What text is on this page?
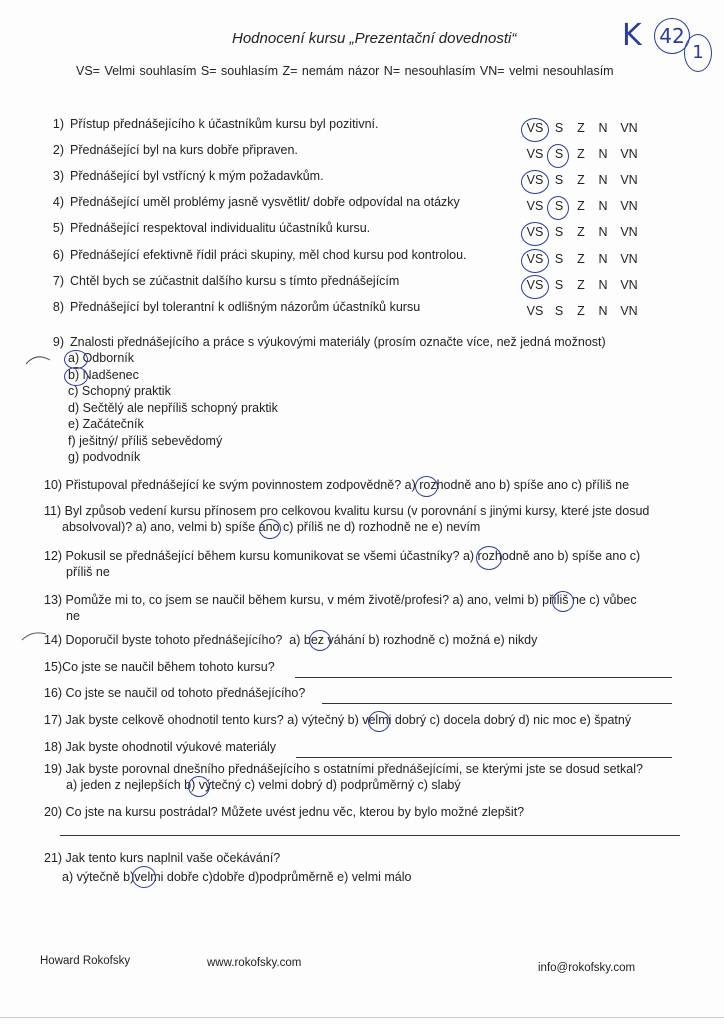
Hodnocení kursu „Prezentační dovednosti“
VS= Velmi souhlasím S= souhlasím Z= nemám názor N= nesouhlasím VN= velmi nesouhlasím
K 42
1
1) Přístup přednášejícího k účastníkům kursu byl pozitivní.	VS S Z N VN
2) Přednášející byl na kurs dobře připraven.	VS S Z N VN
3) Přednášející byl vstřícný k mým požadavkům.	VS S Z N VN
4) Přednášející uměl problémy jasně vysvětlit/ dobře odpovídal na otázky	VS S Z N VN
5) Přednášející respektoval individualitu účastníků kursu.	VS S Z N VN
6) Přednášející efektivně řídil práci skupiny, měl chod kursu pod kontrolou.	VS S Z N VN
7) Chtěl bych se zúčastnit dalšího kursu s tímto přednášejícím	VS S Z N VN
8) Přednášející byl tolerantní k odlišným názorům účastníků kursu	VS S Z N VN
9) Znalosti přednášejícího a práce s výukovými materiály (prosím označte více, než jedná možnost)
a) Odborník
b) Nadšenec
c) Schopný praktik
d) Sečtělý ale nepříliš schopný praktik
e) Začátečník
f) ješitný/ příliš sebevědomý
g) podvodník
10) Přistupoval přednášející ke svým povinnostem zodpovědně? a) rozhodně ano b) spíše ano c) příliš ne
11) Byl způsob vedení kursu přínosem pro celkovou kvalitu kursu (v porovnání s jinými kursy, které jste dosud
absolvoval)? a) ano, velmi b) spíše ano c) příliš ne d) rozhodně ne e) nevím
12) Pokusil se přednášející během kursu komunikovat se všemi účastníky? a) rozhodně ano b) spíše ano c)
příliš ne
13) Pomůže mi to, co jsem se naučil během kursu, v mém životě/profesi? a) ano, velmi b) příliš ne c) vůbec
ne
14) Doporučil byste tohoto přednášejícího? a) bez váhání b) rozhodně c) možná e) nikdy
15)Co jste se naučil během tohoto kursu?
16) Co jste se naučil od tohoto přednášejícího?
17) Jak byste celkově ohodnotil tento kurs? a) výtečný b) velmi dobrý c) docela dobrý d) nic moc e) špatný
18) Jak byste ohodnotil výukové materiály
19) Jak byste porovnal dnešního přednášejícího s ostatními přednášejícími, se kterými jste se dosud setkal?
a) jeden z nejlepších b) výtečný c) velmi dobrý d) podprůměrný c) slabý
20) Co jste na kursu postrádal? Můžete uvést jednu věc, kterou by bylo možné zlepšit?
21) Jak tento kurs naplnil vaše očekávání?
a) výtečně b)velmi dobře c)dobře d)podprůměrně e) velmi málo
Howard Rokofsky	www.rokofsky.com	info@rokofsky.com
